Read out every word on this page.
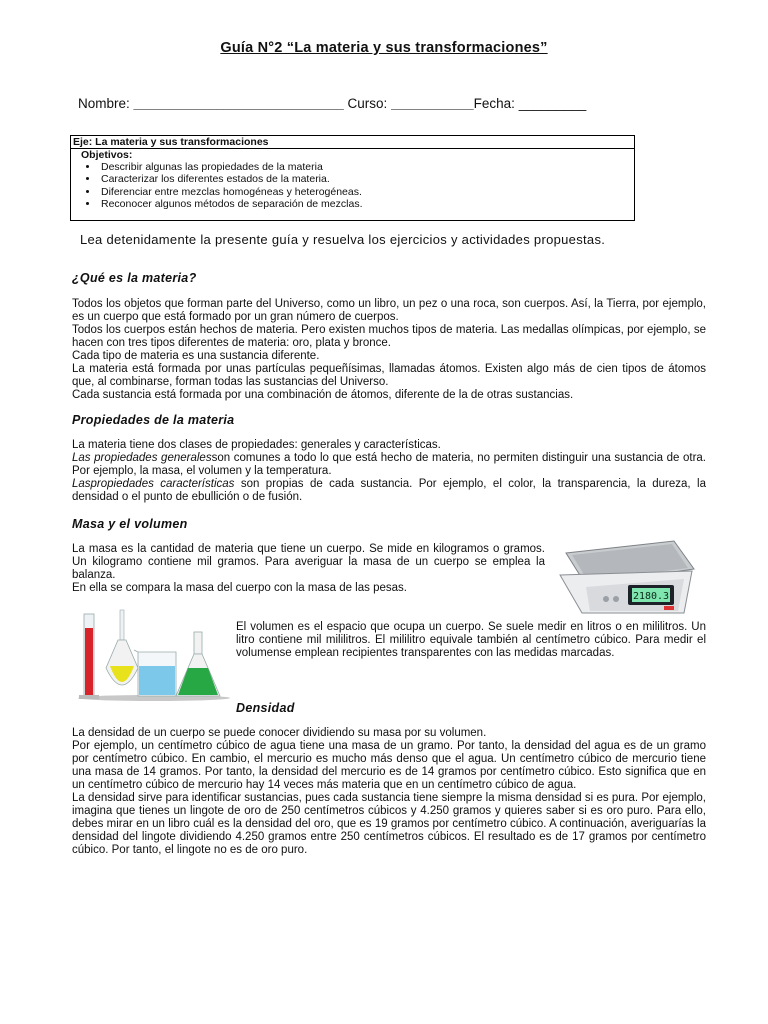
Guía N°2 “La materia y sus transformaciones”
Nombre: ____________________________ Curso: ___________Fecha: _________
Eje: La materia y sus transformaciones
Objetivos:
• Describir algunas las propiedades de la materia
• Caracterizar los diferentes estados de la materia.
• Diferenciar entre mezclas homogéneas y heterogéneas.
• Reconocer algunos métodos de separación de mezclas.
Lea detenidamente la presente guía y resuelva los ejercicios y actividades propuestas.
¿Qué es la materia?

Todos los objetos que forman parte del Universo, como un libro, un pez o una roca, son cuerpos. Así, la Tierra, por ejemplo, es un cuerpo que está formado por un gran número de cuerpos.

Todos los cuerpos están hechos de materia. Pero existen muchos tipos de materia. Las medallas olímpicas, por ejemplo, se hacen con tres tipos diferentes de materia: oro, plata y bronce.

Cada tipo de materia es una sustancia diferente.

La materia está formada por unas partículas pequeñísimas, llamadas átomos. Existen algo más de cien tipos de átomos que, al combinarse, forman todas las sustancias del Universo.

Cada sustancia está formada por una combinación de átomos, diferente de la de otras sustancias.

Propiedades de la materia

La materia tiene dos clases de propiedades: generales y características.

Las propiedades generalesson comunes a todo lo que está hecho de materia, no permiten distinguir una sustancia de otra. Por ejemplo, la masa, el volumen y la temperatura.

Laspropiedades características son propias de cada sustancia. Por ejemplo, el color, la transparencia, la dureza, la densidad o el punto de ebullición o de fusión.

Masa y el volumen

La masa es la cantidad de materia que tiene un cuerpo. Se mide en kilogramos o gramos. Un kilogramo contiene mil gramos. Para averiguar la masa de un cuerpo se emplea la balanza.

En ella se compara la masa del cuerpo con la masa de las pesas.

2180.3
El volumen es el espacio que ocupa un cuerpo. Se suele medir en litros o en mililitros. Un litro contiene mil mililitros. El mililitro equivale también al centímetro cúbico. Para medir el volumense emplean recipientes transparentes con las medidas marcadas.
Densidad

La densidad de un cuerpo se puede conocer dividiendo su masa por su volumen.

Por ejemplo, un centímetro cúbico de agua tiene una masa de un gramo. Por tanto, la densidad del agua es de un gramo por centímetro cúbico. En cambio, el mercurio es mucho más denso que el agua. Un centímetro cúbico de mercurio tiene una masa de 14 gramos. Por tanto, la densidad del mercurio es de 14 gramos por centímetro cúbico. Esto significa que en un centímetro cúbico de mercurio hay 14 veces más materia que en un centímetro cúbico de agua.

La densidad sirve para identificar sustancias, pues cada sustancia tiene siempre la misma densidad si es pura. Por ejemplo, imagina que tienes un lingote de oro de 250 centímetros cúbicos y 4.250 gramos y quieres saber si es oro puro. Para ello, debes mirar en un libro cuál es la densidad del oro, que es 19 gramos por centímetro cúbico. A continuación, averiguarías la densidad del lingote dividiendo 4.250 gramos entre 250 centímetros cúbicos. El resultado es de 17 gramos por centímetro cúbico. Por tanto, el lingote no es de oro puro.
